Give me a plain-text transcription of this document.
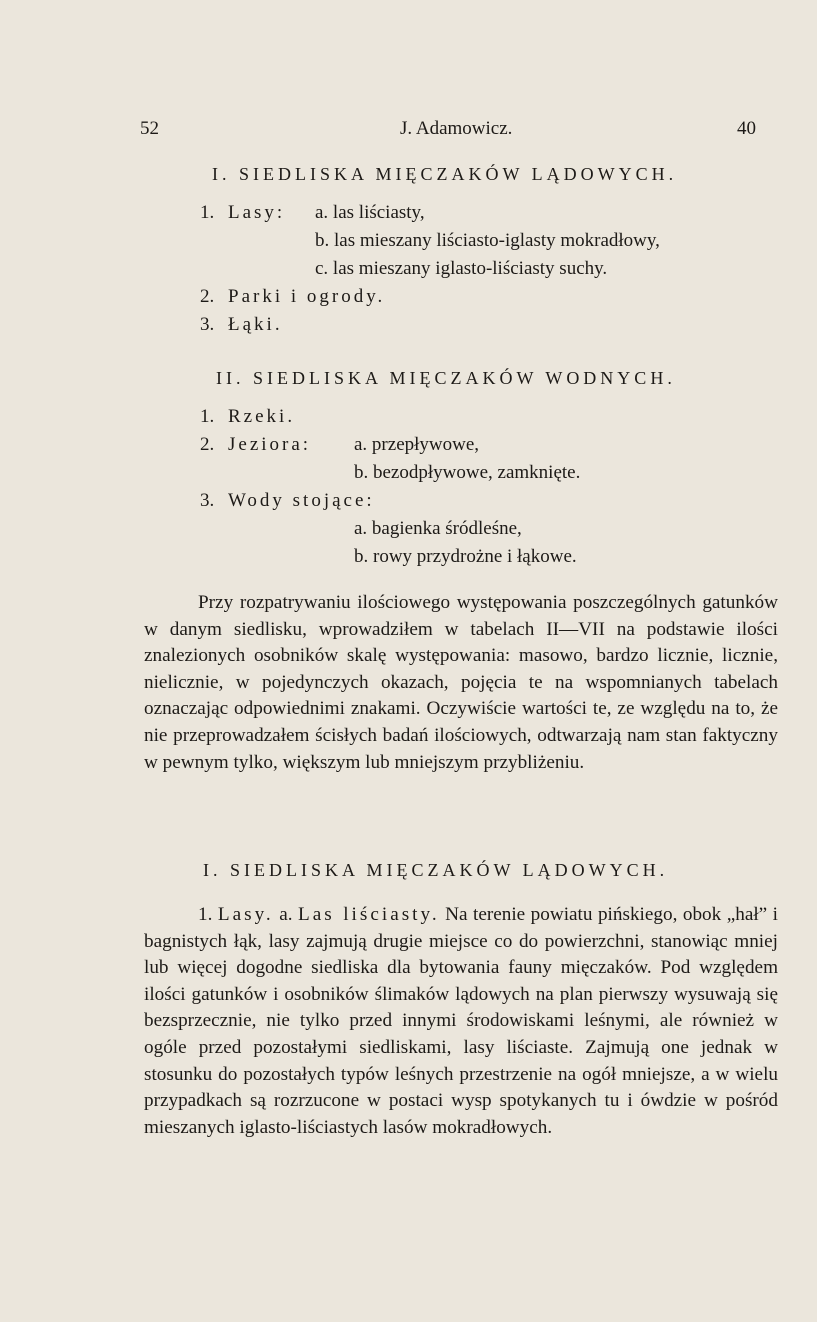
52	J. Adamowicz.	40
I. SIEDLISKA MIĘCZAKÓW LĄDOWYCH.
1. Lasy: a. las liściasty,
b. las mieszany liściasto-iglasty mokradłowy,
c. las mieszany iglasto-liściasty suchy.
2. Parki i ogrody.
3. Łąki.
II. SIEDLISKA MIĘCZAKÓW WODNYCH.
1. Rzeki.
2. Jeziora: a. przepływowe,
b. bezodpływowe, zamknięte.
3. Wody stojące:
a. bagienka śródleśne,
b. rowy przydrożne i łąkowe.

Przy rozpatrywaniu ilościowego występowania poszczególnych gatunków w danym siedlisku, wprowadziłem w tabelach II—VII na podstawie ilości znalezionych osobników skalę występowania: masowo, bardzo licznie, licznie, nielicznie, w pojedynczych okazach, pojęcia te na wspomnianych tabelach oznaczając odpowiednimi znakami. Oczywiście wartości te, ze względu na to, że nie przeprowadzałem ścisłych badań ilościowych, odtwarzają nam stan faktyczny w pewnym tylko, większym lub mniejszym przybliżeniu.

I. SIEDLISKA MIĘCZAKÓW LĄDOWYCH.

1. Lasy. a. Las liściasty. Na terenie powiatu pińskiego, obok „hał” i bagnistych łąk, lasy zajmują drugie miejsce co do powierzchni, stanowiąc mniej lub więcej dogodne siedliska dla bytowania fauny mięczaków. Pod względem ilości gatunków i osobników ślimaków lądowych na plan pierwszy wysuwają się bezsprzecznie, nie tylko przed innymi środowiskami leśnymi, ale również w ogóle przed pozostałymi siedliskami, lasy liściaste. Zajmują one jednak w stosunku do pozostałych typów leśnych przestrzenie na ogół mniejsze, a w wielu przypadkach są rozrzucone w postaci wysp spotykanych tu i ówdzie w pośród mieszanych iglasto-liściastych lasów mokradłowych.
